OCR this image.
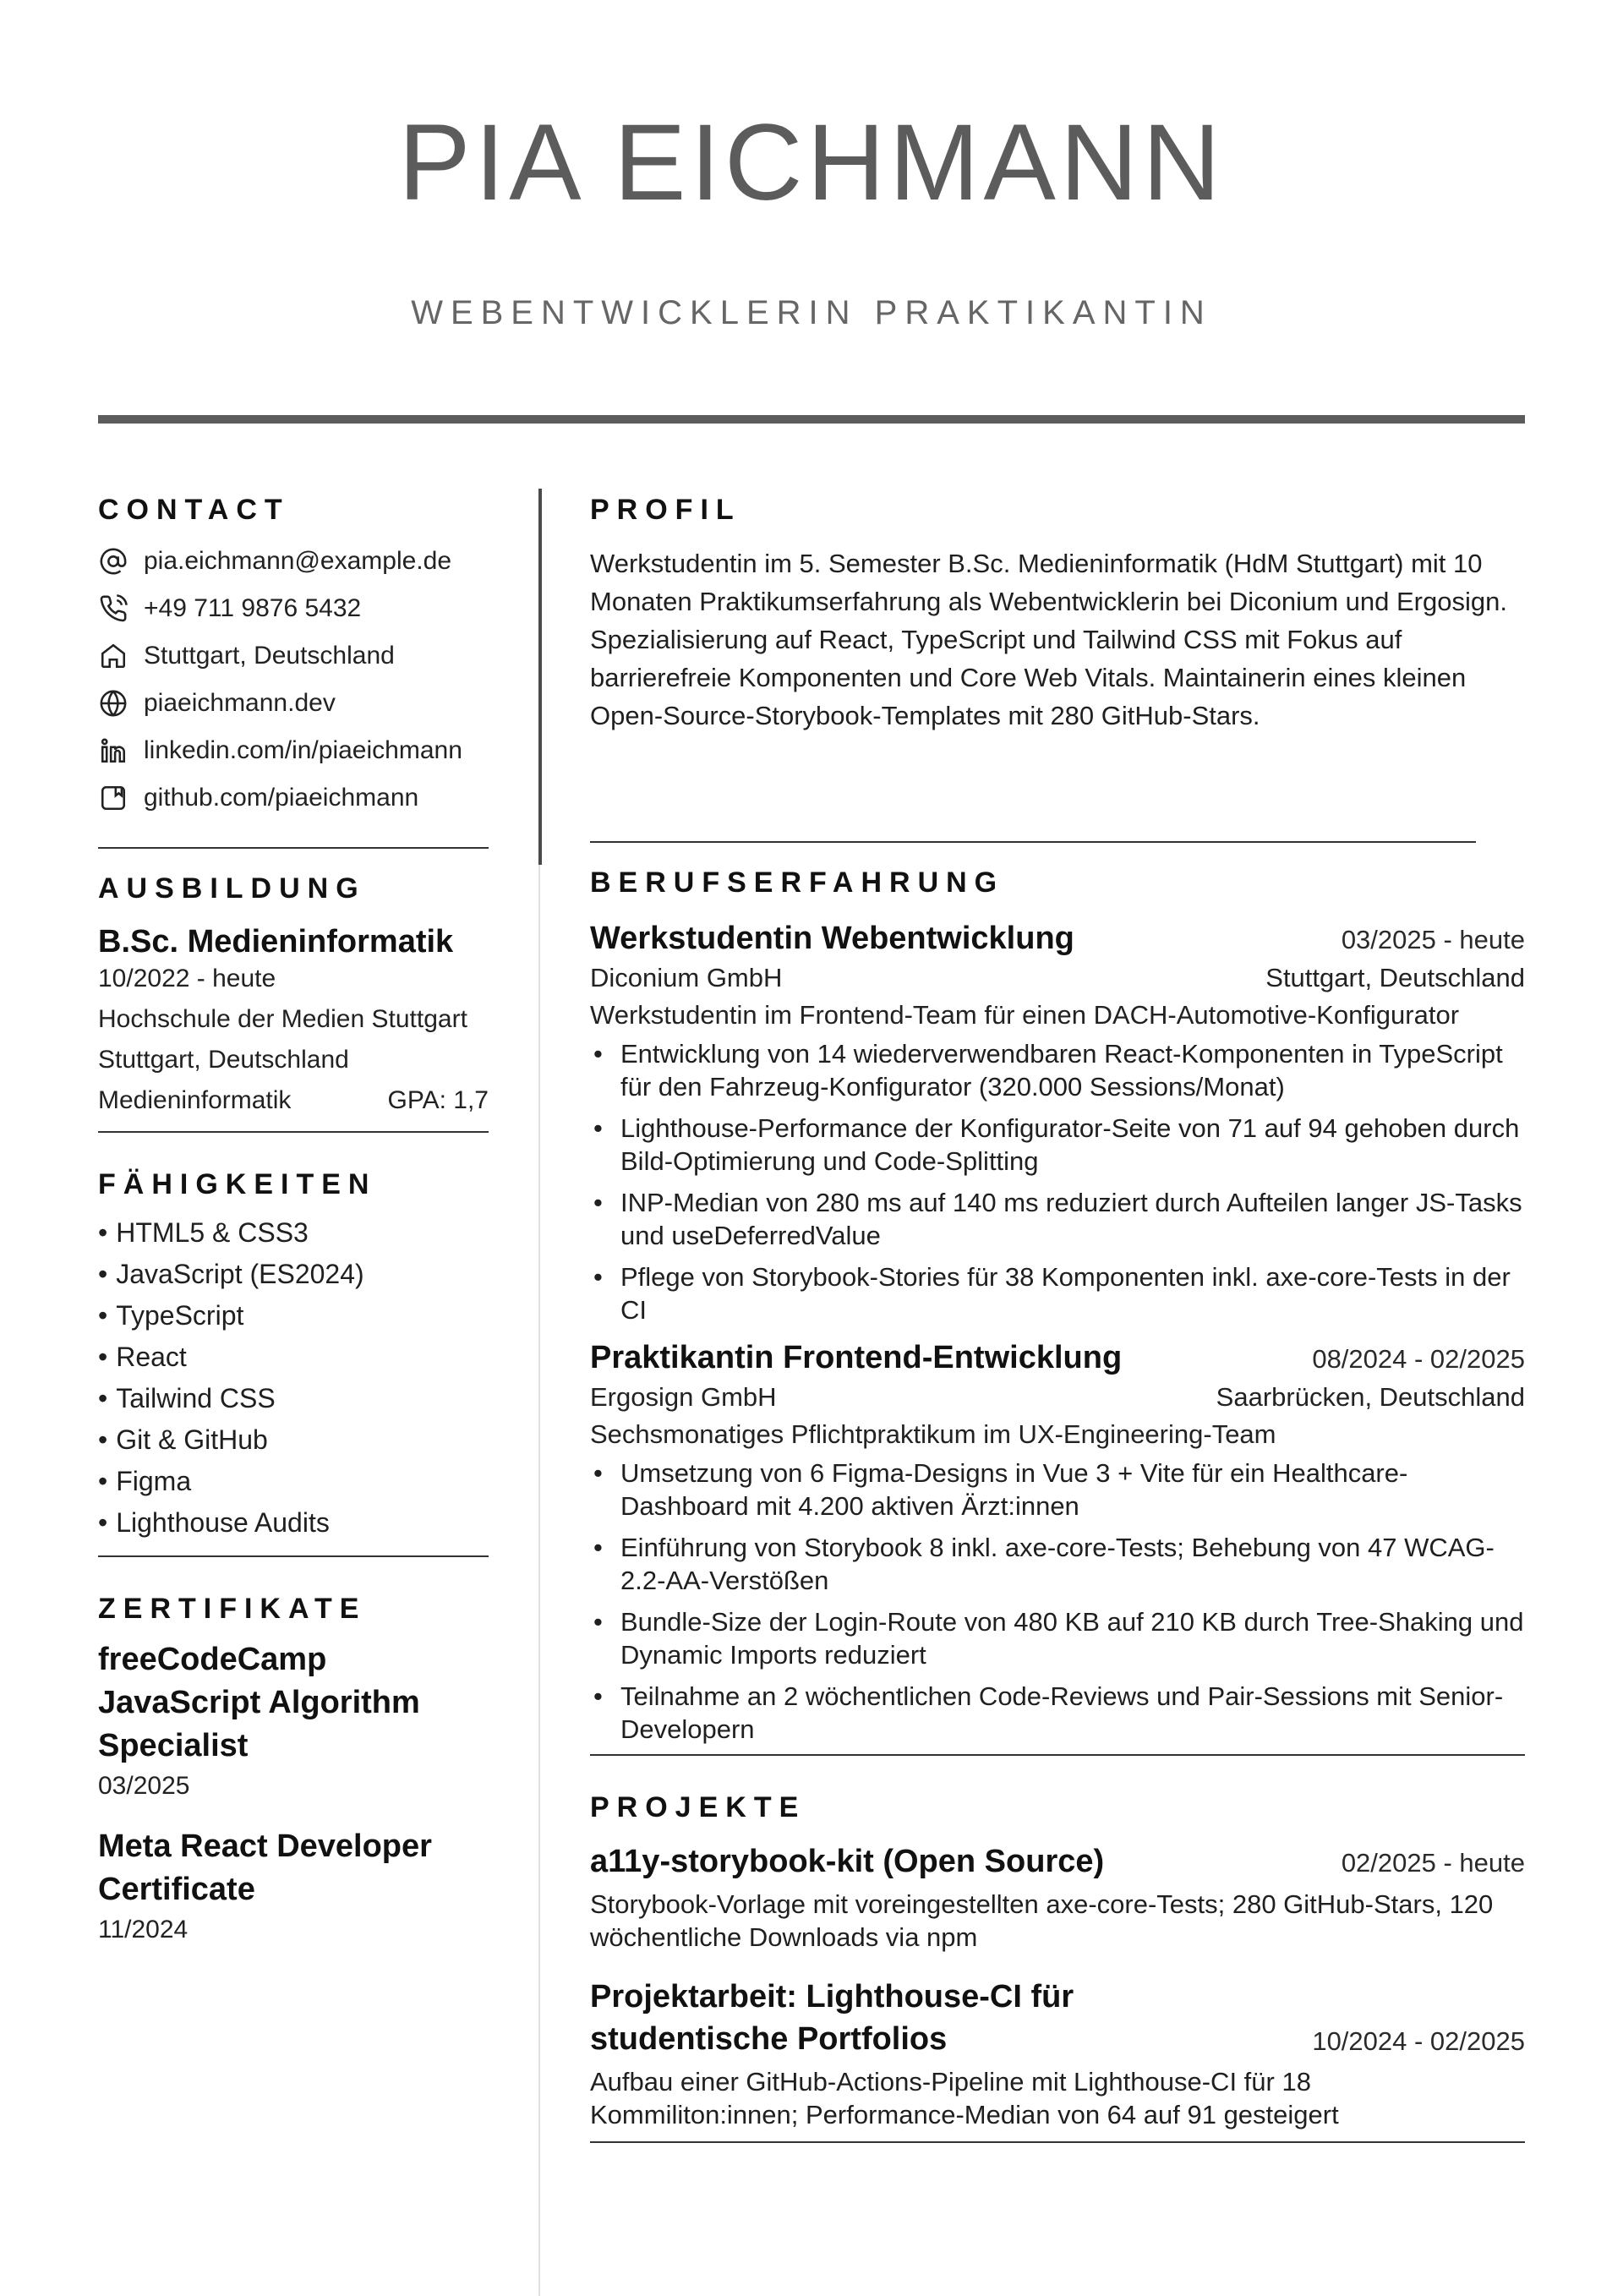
PIA EICHMANN
WEBENTWICKLERIN PRAKTIKANTIN
CONTACT
pia.eichmann@example.de
+49 711 9876 5432
Stuttgart, Deutschland
piaeichmann.dev
linkedin.com/in/piaeichmann
github.com/piaeichmann
AUSBILDUNG
B.Sc. Medieninformatik
10/2022 - heute
Hochschule der Medien Stuttgart
Stuttgart, Deutschland
Medieninformatik	GPA: 1,7
FÄHIGKEITEN
• HTML5 & CSS3
• JavaScript (ES2024)
• TypeScript
• React
• Tailwind CSS
• Git & GitHub
• Figma
• Lighthouse Audits
ZERTIFIKATE
freeCodeCamp JavaScript Algorithm Specialist
03/2025
Meta React Developer Certificate
11/2024
PROFIL
Werkstudentin im 5. Semester B.Sc. Medieninformatik (HdM Stuttgart) mit 10 Monaten Praktikumserfahrung als Webentwicklerin bei Diconium und Ergosign. Spezialisierung auf React, TypeScript und Tailwind CSS mit Fokus auf barrierefreie Komponenten und Core Web Vitals. Maintainerin eines kleinen Open-Source-Storybook-Templates mit 280 GitHub-Stars.
BERUFSERFAHRUNG
Werkstudentin Webentwicklung	03/2025 - heute
Diconium GmbH	Stuttgart, Deutschland
Werkstudentin im Frontend-Team für einen DACH-Automotive-Konfigurator
• Entwicklung von 14 wiederverwendbaren React-Komponenten in TypeScript für den Fahrzeug-Konfigurator (320.000 Sessions/Monat)
• Lighthouse-Performance der Konfigurator-Seite von 71 auf 94 gehoben durch Bild-Optimierung und Code-Splitting
• INP-Median von 280 ms auf 140 ms reduziert durch Aufteilen langer JS-Tasks und useDeferredValue
• Pflege von Storybook-Stories für 38 Komponenten inkl. axe-core-Tests in der CI
Praktikantin Frontend-Entwicklung	08/2024 - 02/2025
Ergosign GmbH	Saarbrücken, Deutschland
Sechsmonatiges Pflichtpraktikum im UX-Engineering-Team
• Umsetzung von 6 Figma-Designs in Vue 3 + Vite für ein Healthcare-Dashboard mit 4.200 aktiven Ärzt:innen
• Einführung von Storybook 8 inkl. axe-core-Tests; Behebung von 47 WCAG-2.2-AA-Verstößen
• Bundle-Size der Login-Route von 480 KB auf 210 KB durch Tree-Shaking und Dynamic Imports reduziert
• Teilnahme an 2 wöchentlichen Code-Reviews und Pair-Sessions mit Senior-Developern
PROJEKTE
a11y-storybook-kit (Open Source)	02/2025 - heute
Storybook-Vorlage mit voreingestellten axe-core-Tests; 280 GitHub-Stars, 120 wöchentliche Downloads via npm
Projektarbeit: Lighthouse-CI für studentische Portfolios	10/2024 - 02/2025
Aufbau einer GitHub-Actions-Pipeline mit Lighthouse-CI für 18 Kommiliton:innen; Performance-Median von 64 auf 91 gesteigert
